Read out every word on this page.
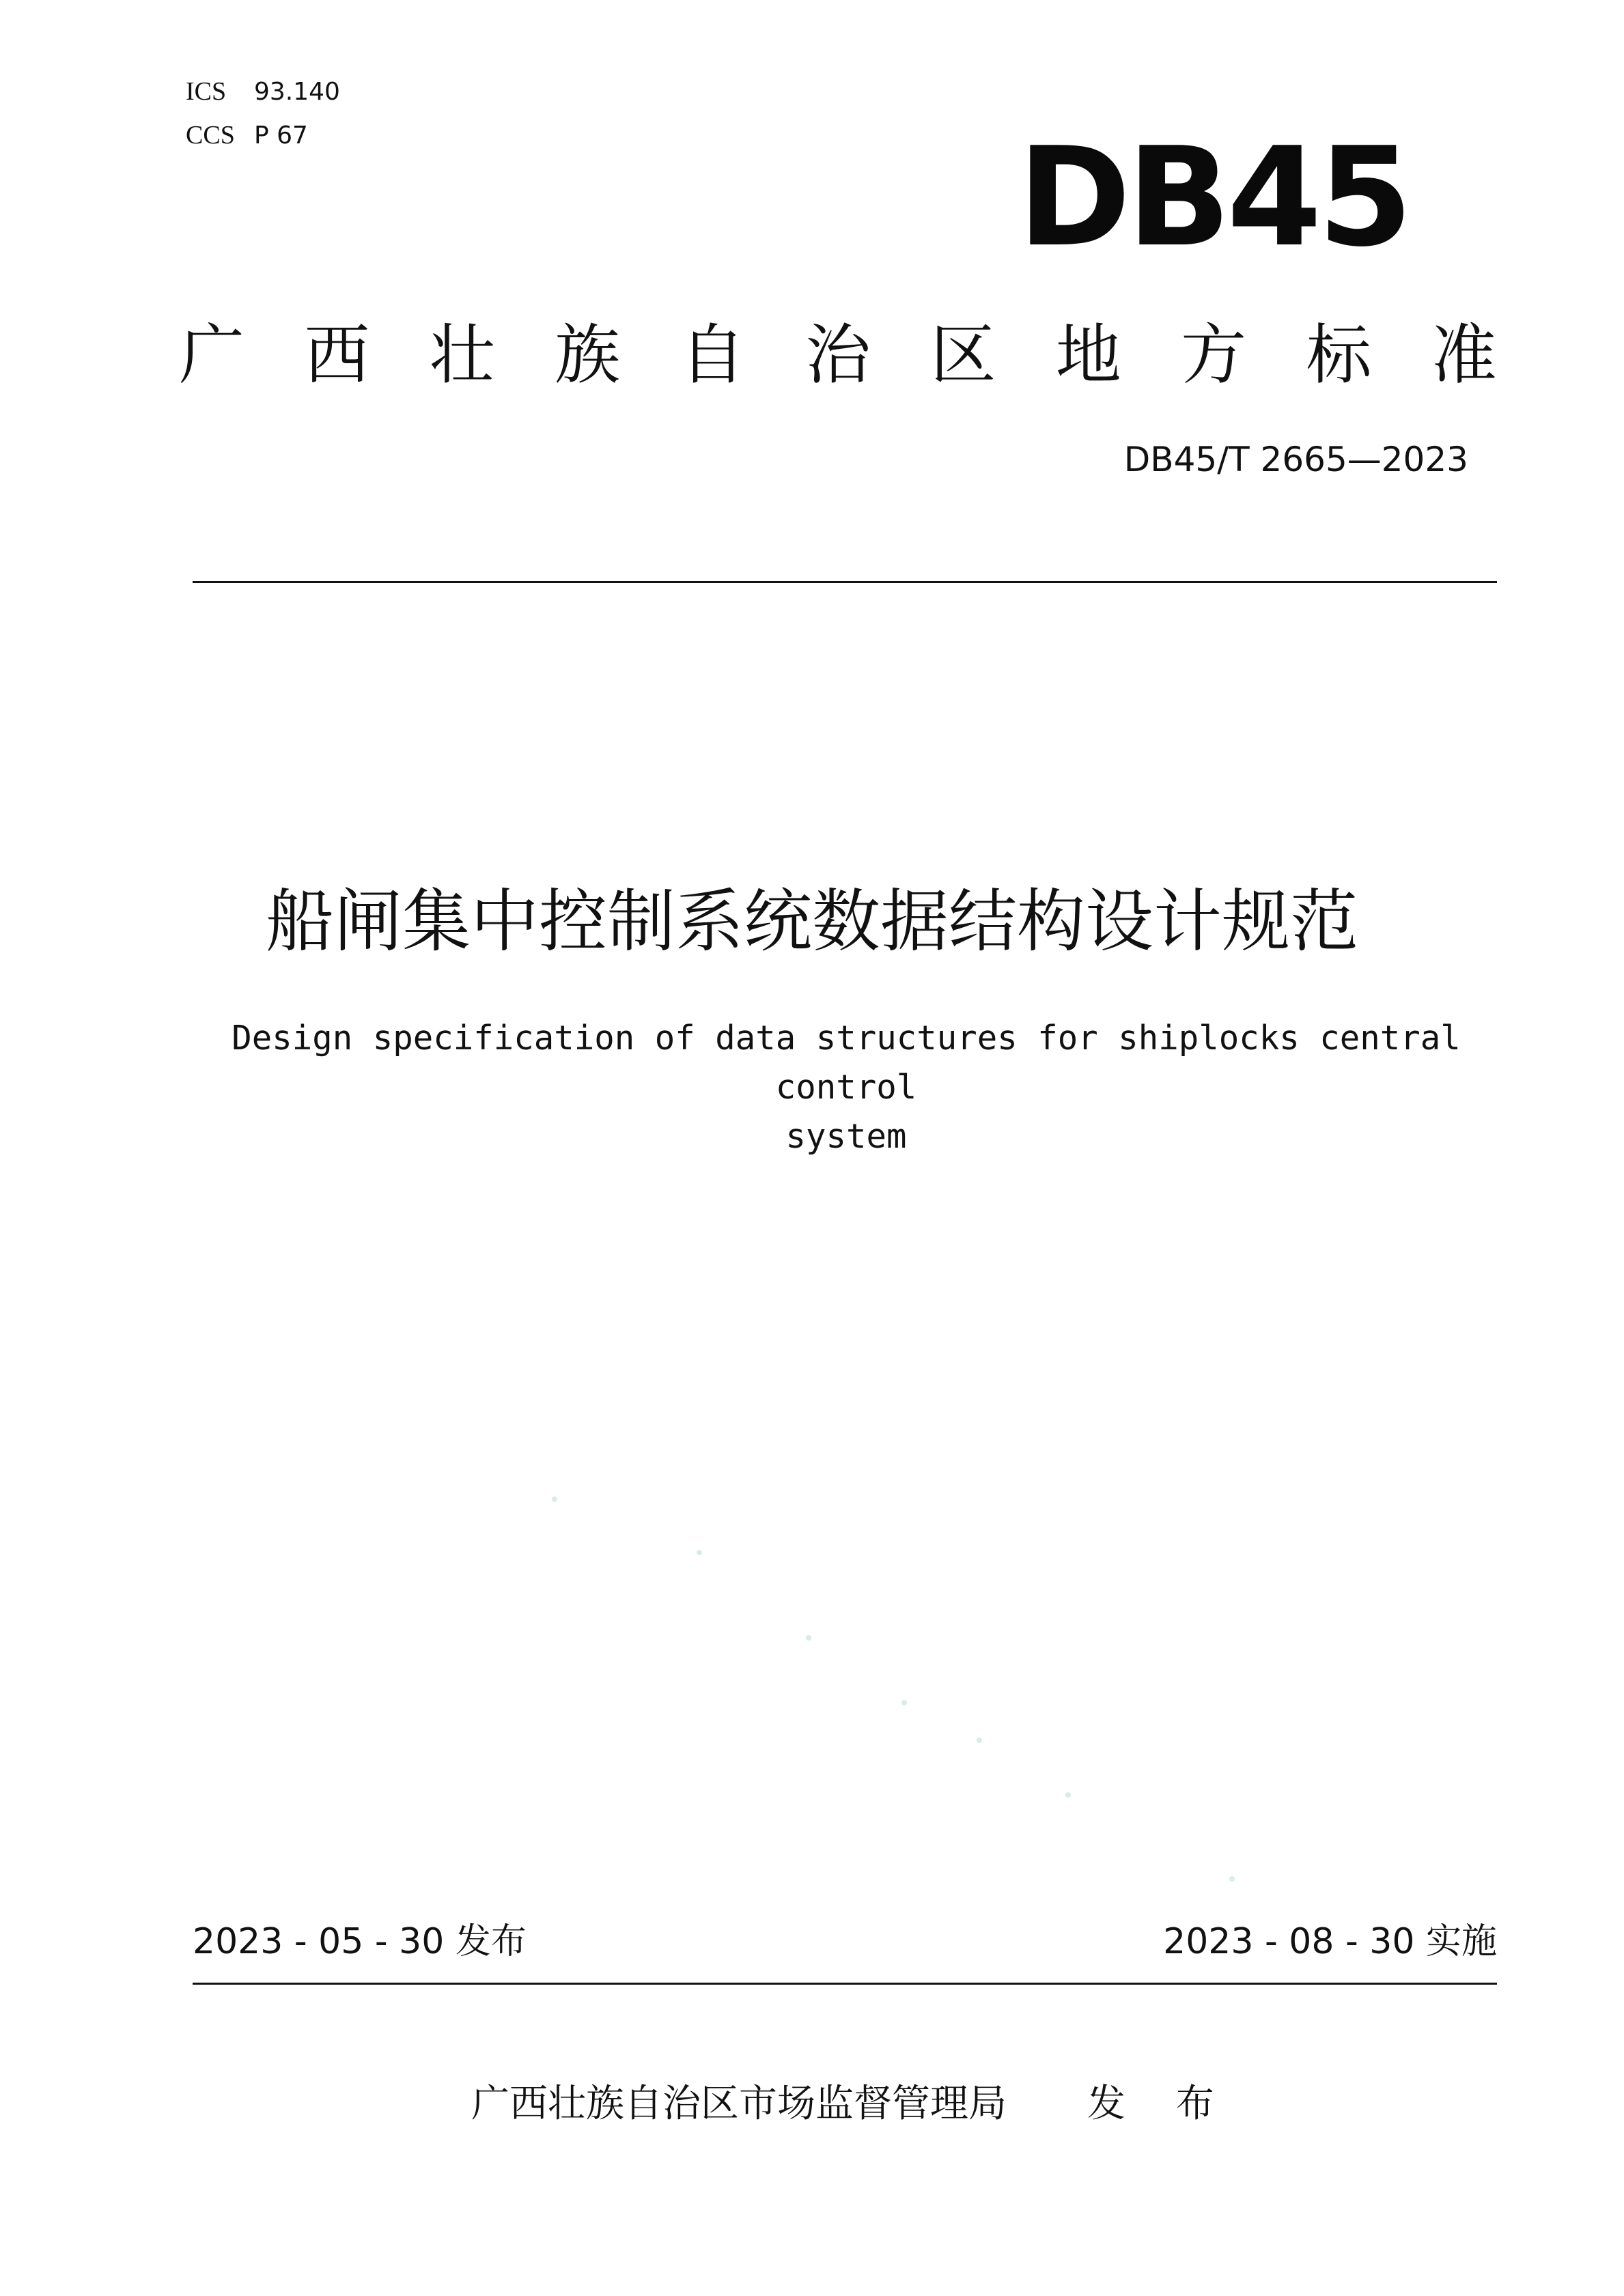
ICS 93.140
CCS P 67	DB45
广 西 壮 族 自 治 区 地 方 标 准
DB45/T 2665—2023
船闸集中控制系统数据结构设计规范
Design specification of data structures for shiplocks central control
system
2023 - 05 - 30 发布	2023 - 08 - 30 实施
广西壮族自治区市场监督管理局 发 布
